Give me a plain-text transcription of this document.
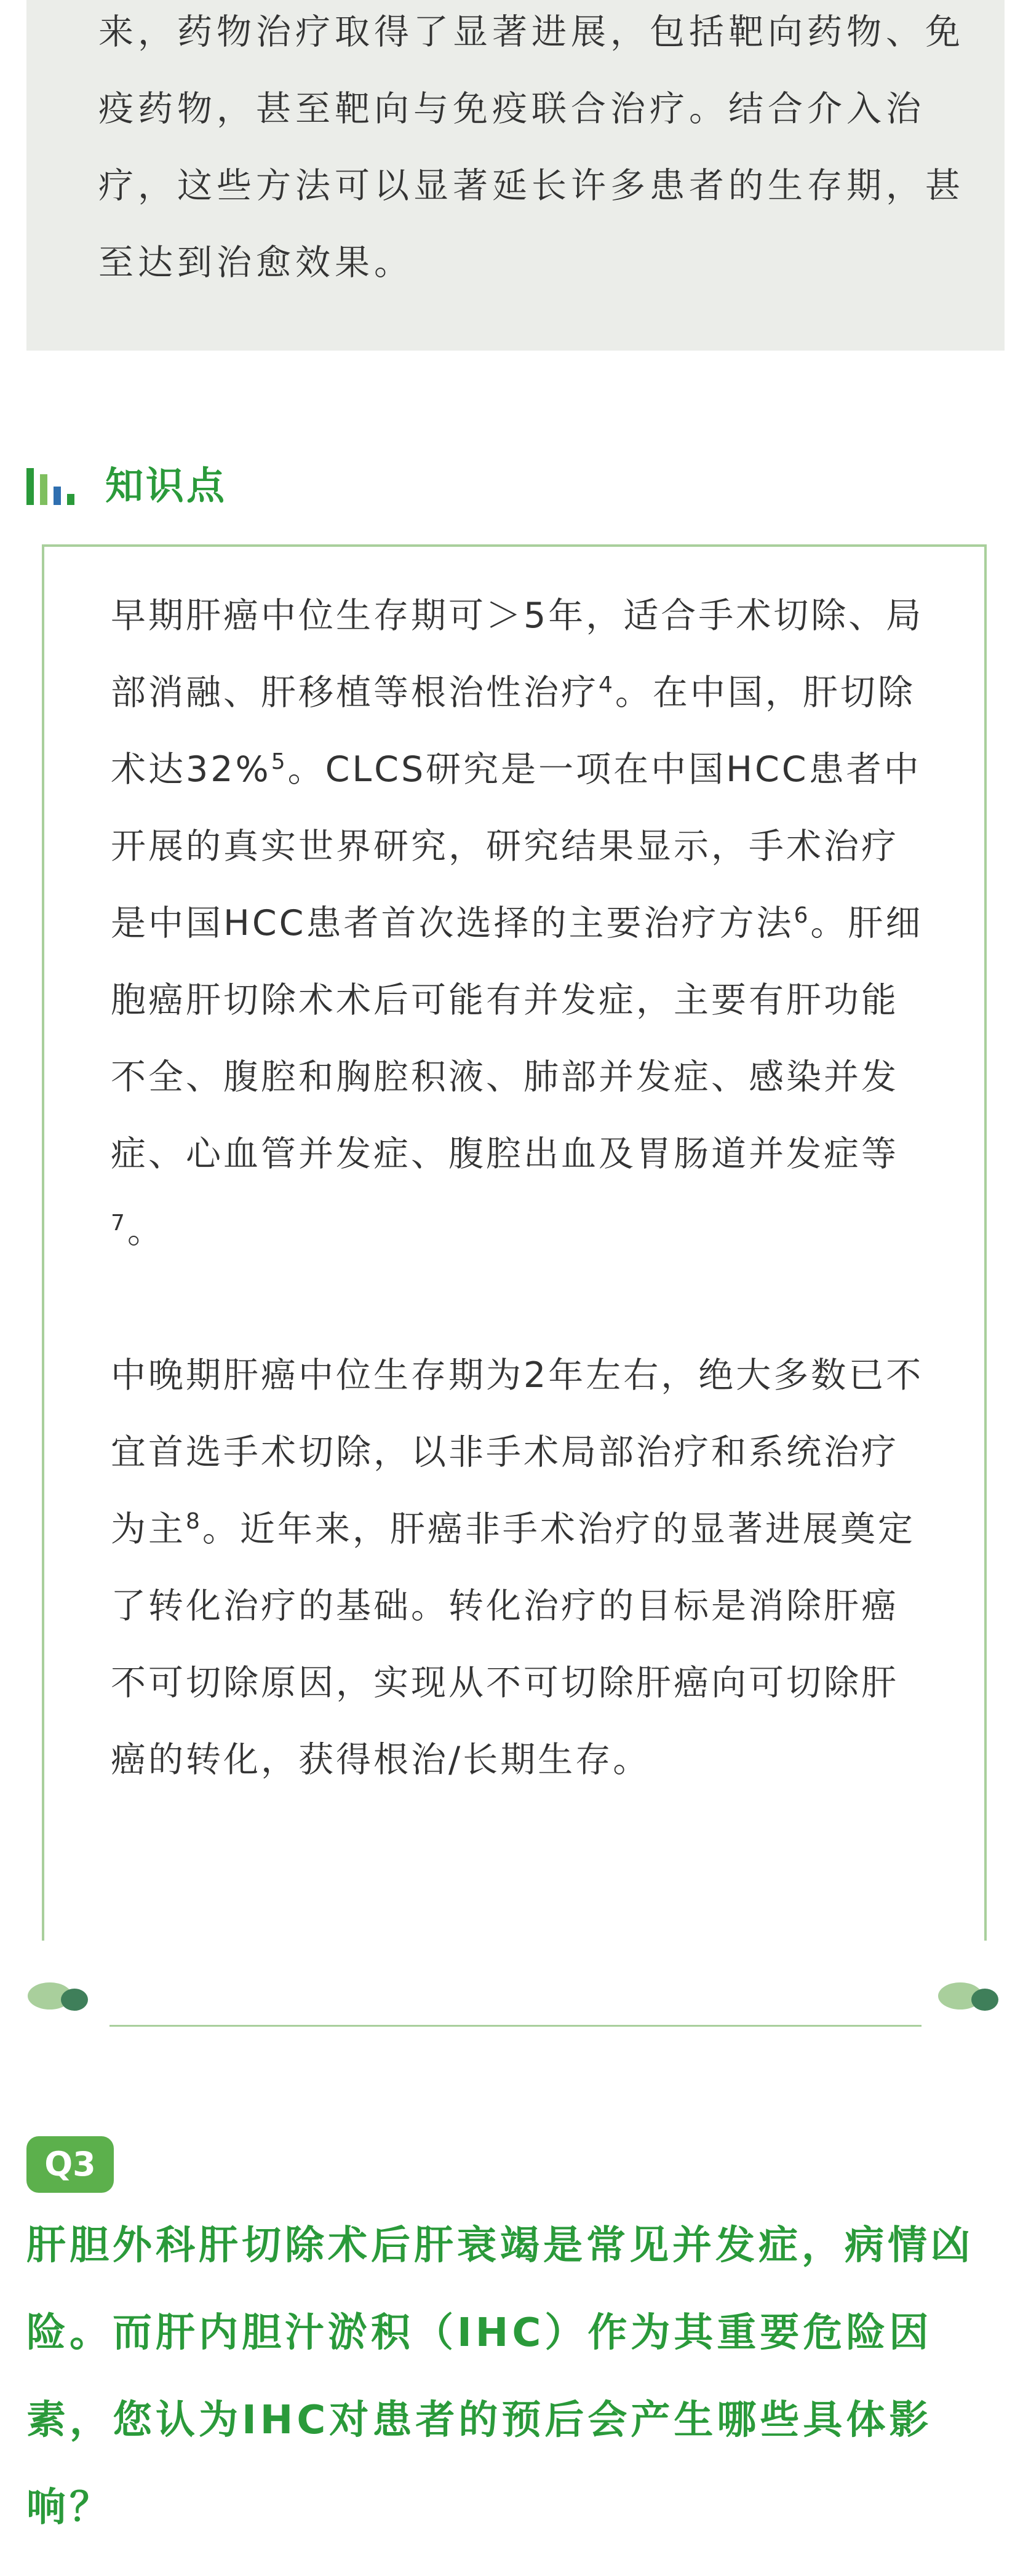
来，药物治疗取得了显著进展，包括靶向药物、免疫药物，甚至靶向与免疫联合治疗。结合介入治疗，这些方法可以显著延长许多患者的生存期，甚至达到治愈效果。

知识点

早期肝癌中位生存期可＞5年，适合手术切除、局部消融、肝移植等根治性治疗$^4$。在中国，肝切除术达32%$^5$。CLCS研究是一项在中国HCC患者中开展的真实世界研究，研究结果显示，手术治疗是中国HCC患者首次选择的主要治疗方法$^6$。肝细胞癌肝切除术术后可能有并发症，主要有肝功能不全、腹腔和胸腔积液、肺部并发症、感染并发症、心血管并发症、腹腔出血及胃肠道并发症等$^7$。

中晚期肝癌中位生存期为2年左右，绝大多数已不宜首选手术切除，以非手术局部治疗和系统治疗为主$^8$。近年来，肝癌非手术治疗的显著进展奠定了转化治疗的基础。转化治疗的目标是消除肝癌不可切除原因，实现从不可切除肝癌向可切除肝癌的转化，获得根治/长期生存。

Q3

肝胆外科肝切除术后肝衰竭是常见并发症，病情凶险。而肝内胆汁淤积（IHC）作为其重要危险因素，您认为IHC对患者的预后会产生哪些具体影响？
